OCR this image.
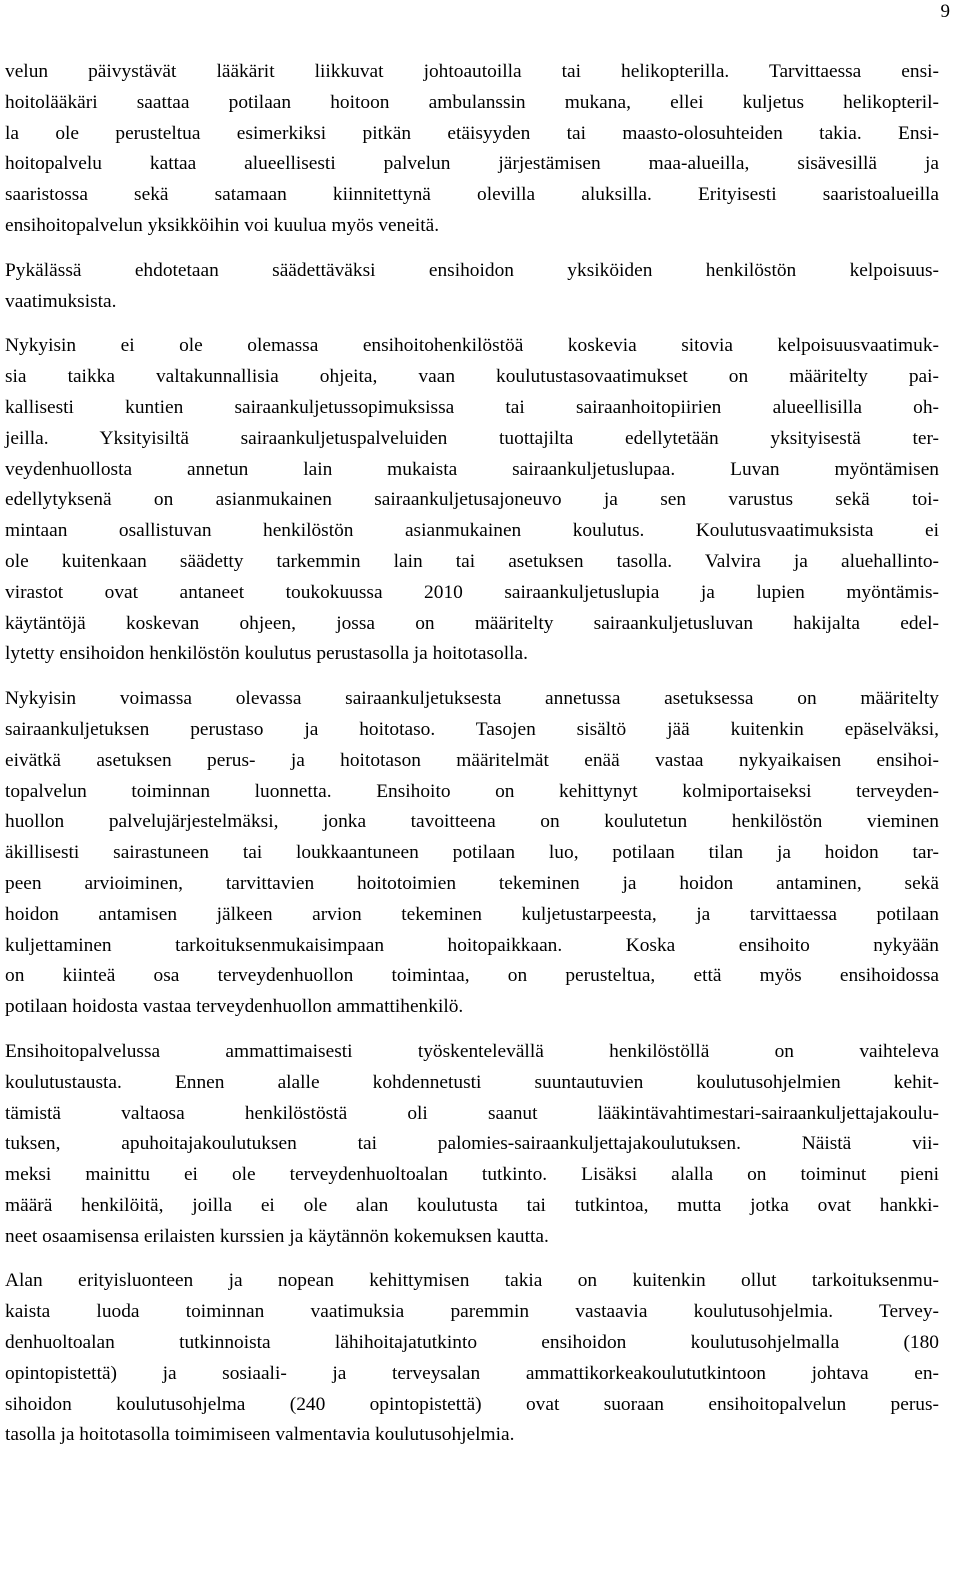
9

velun päivystävät lääkärit liikkuvat johtoautoilla tai helikopterilla. Tarvittaessa ensi-
hoitolääkäri saattaa potilaan hoitoon ambulanssin mukana, ellei kuljetus helikopteril-
la ole perusteltua esimerkiksi pitkän etäisyyden tai maasto-olosuhteiden takia. Ensi-
hoitopalvelu kattaa alueellisesti palvelun järjestämisen maa-alueilla, sisävesillä ja
saaristossa sekä satamaan kiinnitettynä olevilla aluksilla. Erityisesti saaristoalueilla
ensihoitopalvelun yksikköihin voi kuulua myös veneitä.

Pykälässä ehdotetaan säädettäväksi ensihoidon yksiköiden henkilöstön kelpoisuus-
vaatimuksista.

Nykyisin ei ole olemassa ensihoitohenkilöstöä koskevia sitovia kelpoisuusvaatimuk-
sia taikka valtakunnallisia ohjeita, vaan koulutustasovaatimukset on määritelty pai-
kallisesti kuntien sairaankuljetussopimuksissa tai sairaanhoitopiirien alueellisilla oh-
jeilla. Yksityisiltä sairaankuljetuspalveluiden tuottajilta edellytetään yksityisestä ter-
veydenhuollosta annetun lain mukaista sairaankuljetuslupaa. Luvan myöntämisen
edellytyksenä on asianmukainen sairaankuljetusajoneuvo ja sen varustus sekä toi-
mintaan osallistuvan henkilöstön asianmukainen koulutus. Koulutusvaatimuksista ei
ole kuitenkaan säädetty tarkemmin lain tai asetuksen tasolla. Valvira ja aluehallinto-
virastot ovat antaneet toukokuussa 2010 sairaankuljetuslupia ja lupien myöntämis-
käytäntöjä koskevan ohjeen, jossa on määritelty sairaankuljetusluvan hakijalta edel-
lytetty ensihoidon henkilöstön koulutus perustasolla ja hoitotasolla.

Nykyisin voimassa olevassa sairaankuljetuksesta annetussa asetuksessa on määritelty
sairaankuljetuksen perustaso ja hoitotaso. Tasojen sisältö jää kuitenkin epäselväksi,
eivätkä asetuksen perus- ja hoitotason määritelmät enää vastaa nykyaikaisen ensihoi-
topalvelun toiminnan luonnetta. Ensihoito on kehittynyt kolmiportaiseksi terveyden-
huollon palvelujärjestelmäksi, jonka tavoitteena on koulutetun henkilöstön vieminen
äkillisesti sairastuneen tai loukkaantuneen potilaan luo, potilaan tilan ja hoidon tar-
peen arvioiminen, tarvittavien hoitotoimien tekeminen ja hoidon antaminen, sekä
hoidon antamisen jälkeen arvion tekeminen kuljetustarpeesta, ja tarvittaessa potilaan
kuljettaminen tarkoituksenmukaisimpaan hoitopaikkaan. Koska ensihoito nykyään
on kiinteä osa terveydenhuollon toimintaa, on perusteltua, että myös ensihoidossa
potilaan hoidosta vastaa terveydenhuollon ammattihenkilö.

Ensihoitopalvelussa ammattimaisesti työskentelevällä henkilöstöllä on vaihteleva
koulutustausta. Ennen alalle kohdennetusti suuntautuvien koulutusohjelmien kehit-
tämistä valtaosa henkilöstöstä oli saanut lääkintävahtimestari-sairaankuljettajakoulu-
tuksen, apuhoitajakoulutuksen tai palomies-sairaankuljettajakoulutuksen. Näistä vii-
meksi mainittu ei ole terveydenhuoltoalan tutkinto. Lisäksi alalla on toiminut pieni
määrä henkilöitä, joilla ei ole alan koulutusta tai tutkintoa, mutta jotka ovat hankki-
neet osaamisensa erilaisten kurssien ja käytännön kokemuksen kautta.

Alan erityisluonteen ja nopean kehittymisen takia on kuitenkin ollut tarkoituksenmu-
kaista luoda toiminnan vaatimuksia paremmin vastaavia koulutusohjelmia. Tervey-
denhuoltoalan tutkinnoista lähihoitajatutkinto ensihoidon koulutusohjelmalla (180
opintopistettä) ja sosiaali- ja terveysalan ammattikorkeakoulututkintoon johtava en-
sihoidon koulutusohjelma (240 opintopistettä) ovat suoraan ensihoitopalvelun perus-
tasolla ja hoitotasolla toimimiseen valmentavia koulutusohjelmia.
